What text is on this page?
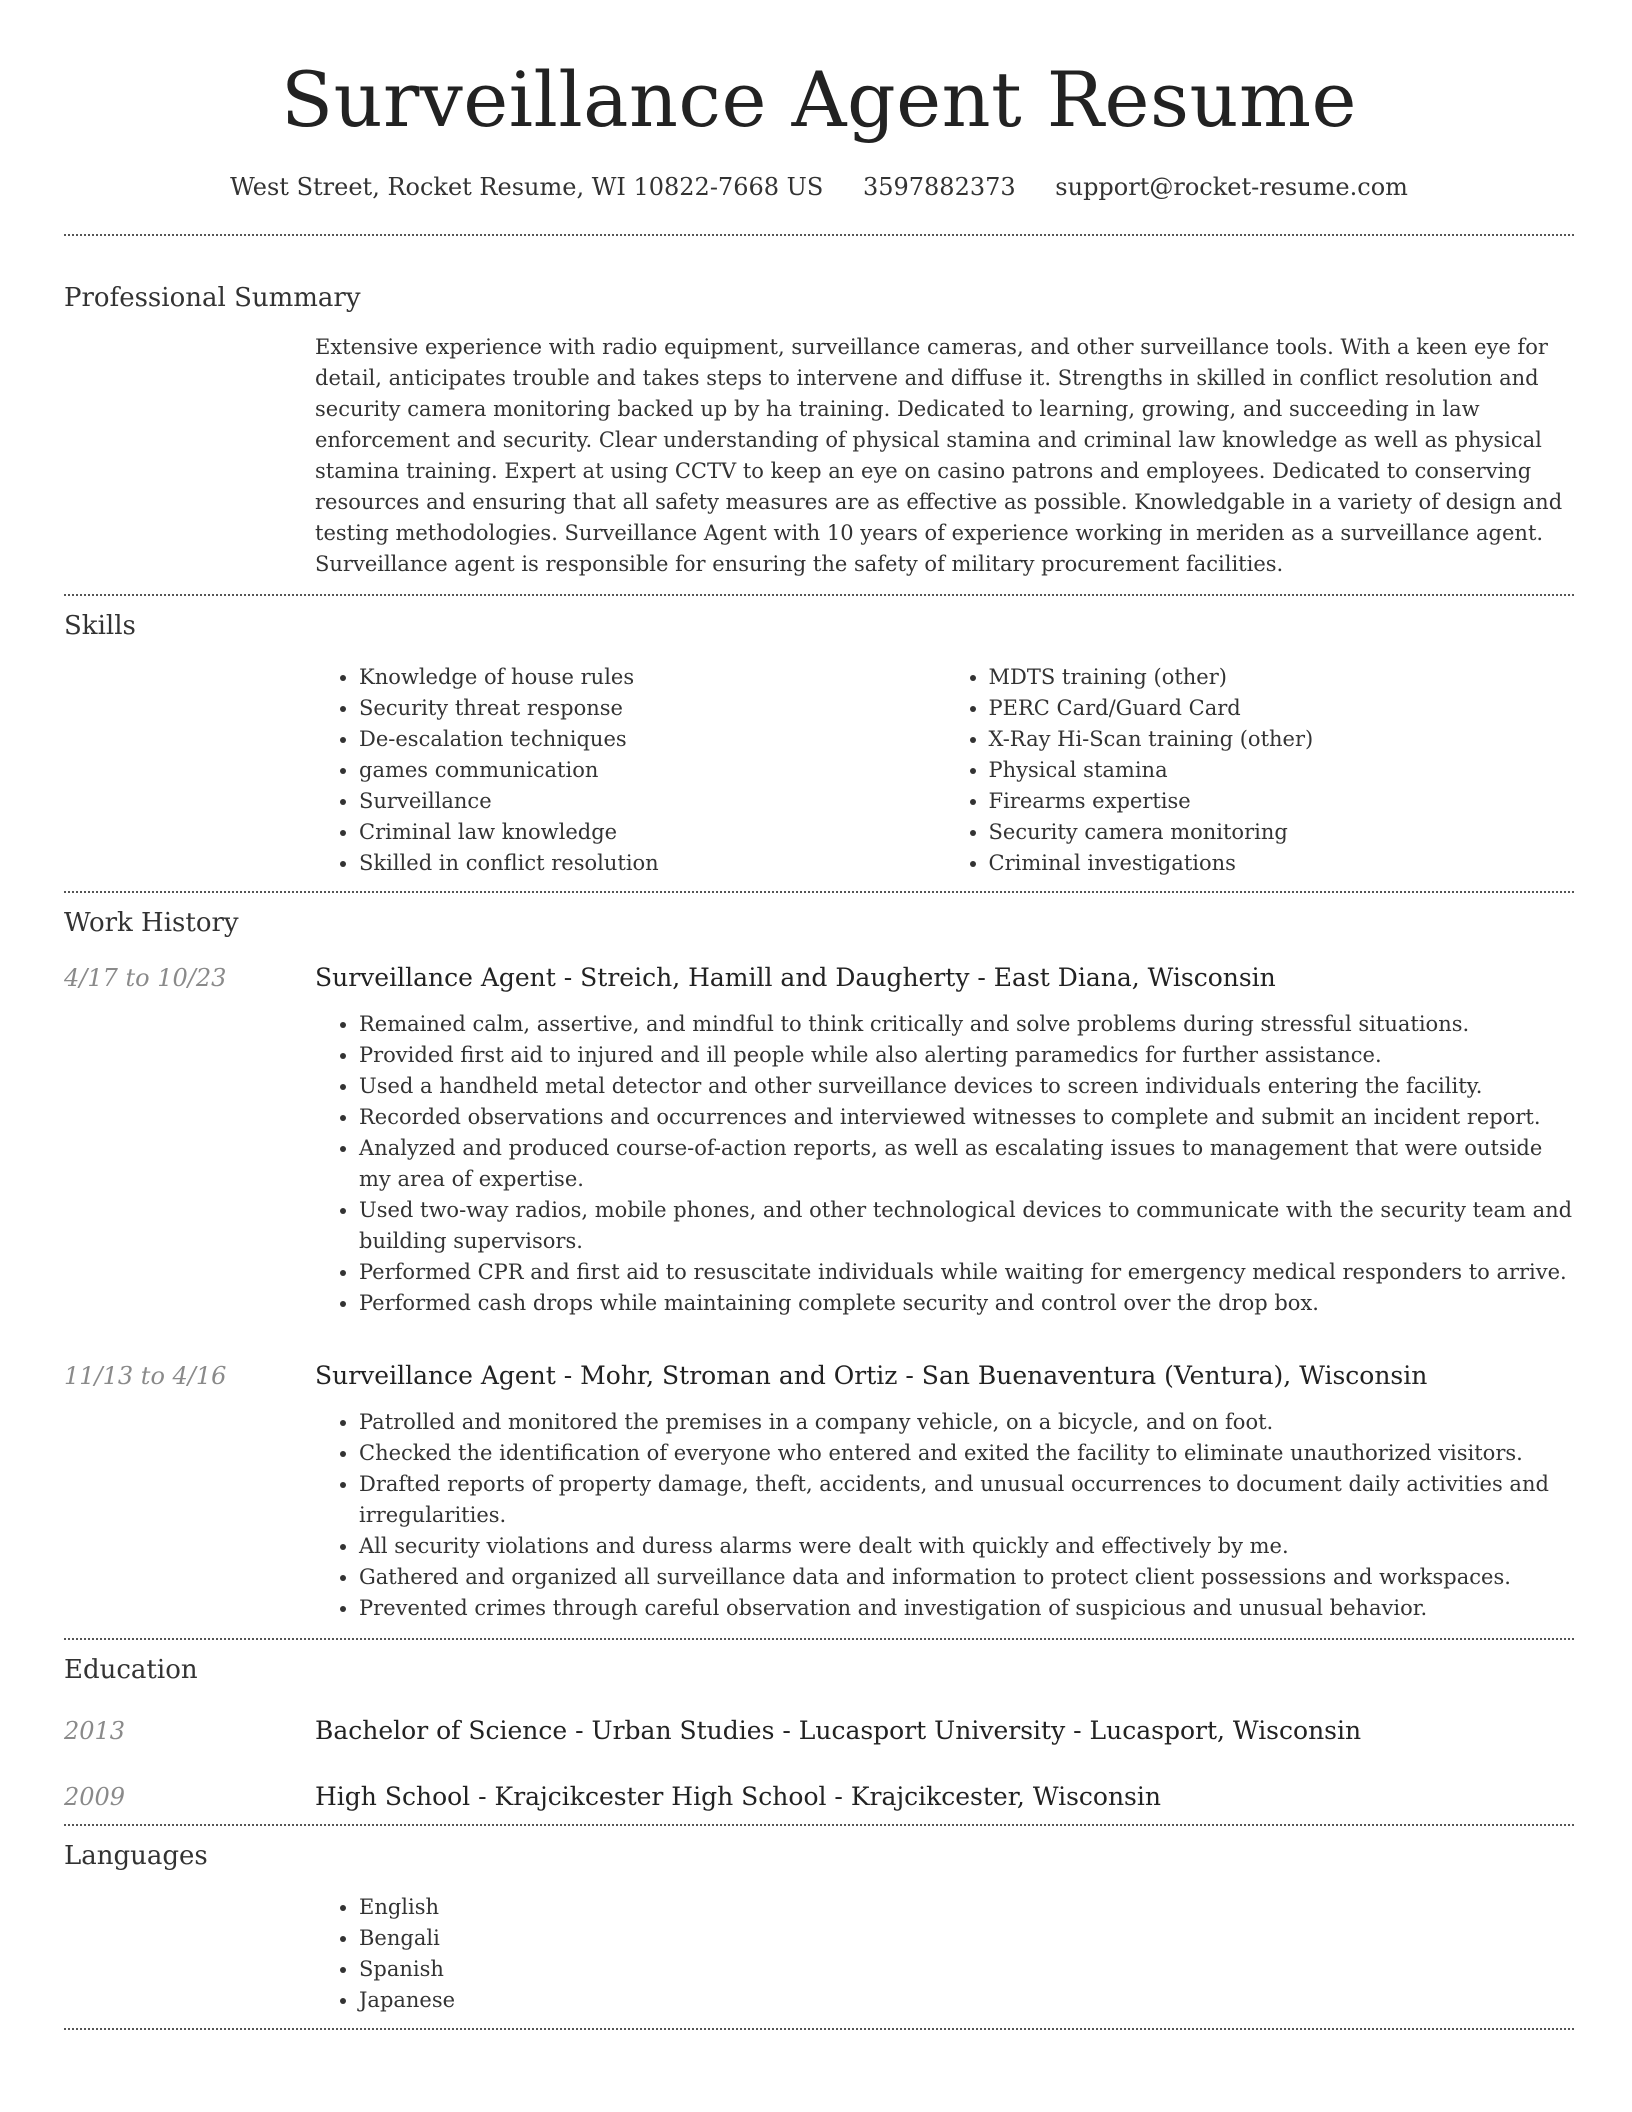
Surveillance Agent Resume
West Street, Rocket Resume, WI 10822-7668 US 3597882373 support@rocket-resume.com
Professional Summary
Extensive experience with radio equipment, surveillance cameras, and other surveillance tools. With a keen eye for detail, anticipates trouble and takes steps to intervene and diffuse it. Strengths in skilled in conflict resolution and security camera monitoring backed up by ha training. Dedicated to learning, growing, and succeeding in law enforcement and security. Clear understanding of physical stamina and criminal law knowledge as well as physical stamina training. Expert at using CCTV to keep an eye on casino patrons and employees. Dedicated to conserving resources and ensuring that all safety measures are as effective as possible. Knowledgable in a variety of design and testing methodologies. Surveillance Agent with 10 years of experience working in meriden as a surveillance agent. Surveillance agent is responsible for ensuring the safety of military procurement facilities.
Skills
• Knowledge of house rules
• Security threat response
• De-escalation techniques
• games communication
• Surveillance
• Criminal law knowledge
• Skilled in conflict resolution
• MDTS training (other)
• PERC Card/Guard Card
• X-Ray Hi-Scan training (other)
• Physical stamina
• Firearms expertise
• Security camera monitoring
• Criminal investigations
Work History
4/17 to 10/23	Surveillance Agent - Streich, Hamill and Daugherty - East Diana, Wisconsin
• Remained calm, assertive, and mindful to think critically and solve problems during stressful situations.
• Provided first aid to injured and ill people while also alerting paramedics for further assistance.
• Used a handheld metal detector and other surveillance devices to screen individuals entering the facility.
• Recorded observations and occurrences and interviewed witnesses to complete and submit an incident report.
• Analyzed and produced course-of-action reports, as well as escalating issues to management that were outside my area of expertise.
• Used two-way radios, mobile phones, and other technological devices to communicate with the security team and building supervisors.
• Performed CPR and first aid to resuscitate individuals while waiting for emergency medical responders to arrive.
• Performed cash drops while maintaining complete security and control over the drop box.
11/13 to 4/16	Surveillance Agent - Mohr, Stroman and Ortiz - San Buenaventura (Ventura), Wisconsin
• Patrolled and monitored the premises in a company vehicle, on a bicycle, and on foot.
• Checked the identification of everyone who entered and exited the facility to eliminate unauthorized visitors.
• Drafted reports of property damage, theft, accidents, and unusual occurrences to document daily activities and irregularities.
• All security violations and duress alarms were dealt with quickly and effectively by me.
• Gathered and organized all surveillance data and information to protect client possessions and workspaces.
• Prevented crimes through careful observation and investigation of suspicious and unusual behavior.
Education
2013	Bachelor of Science - Urban Studies - Lucasport University - Lucasport, Wisconsin
2009	High School - Krajcikcester High School - Krajcikcester, Wisconsin
Languages
• English
• Bengali
• Spanish
• Japanese
